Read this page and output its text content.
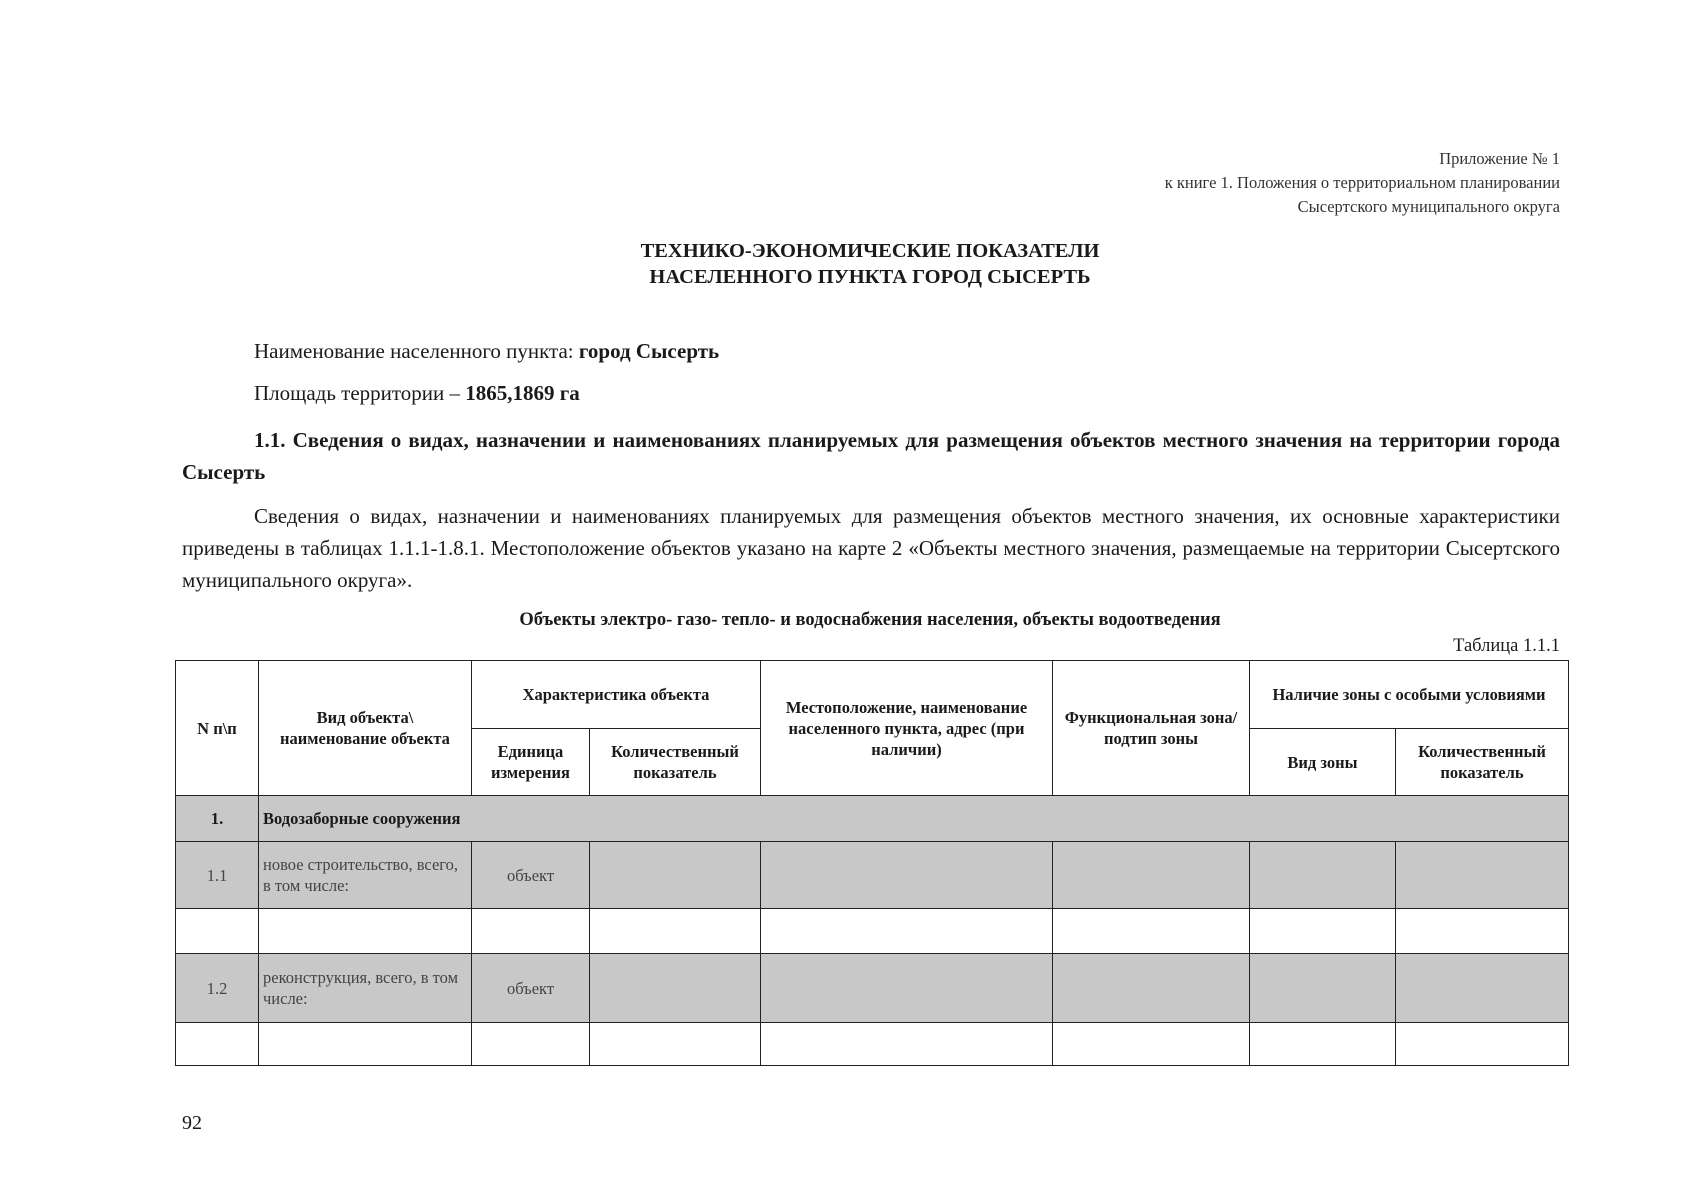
Приложение № 1
к книге 1. Положения о территориальном планировании
Сысертского муниципального округа
ТЕХНИКО-ЭКОНОМИЧЕСКИЕ ПОКАЗАТЕЛИ
НАСЕЛЕННОГО ПУНКТА ГОРОД СЫСЕРТЬ
Наименование населенного пункта: город Сысерть
Площадь территории – 1865,1869 га
1.1. Сведения о видах, назначении и наименованиях планируемых для размещения объектов местного значения на территории города Сысерть
Сведения о видах, назначении и наименованиях планируемых для размещения объектов местного значения, их основные характеристики приведены в таблицах 1.1.1-1.8.1. Местоположение объектов указано на карте 2 «Объекты местного значения, размещаемые на территории Сысертского муниципального округа».
Объекты электро- газо- тепло- и водоснабжения населения, объекты водоотведения
Таблица 1.1.1
N п\п	Вид объекта\ наименование объекта	Характеристика объекта		Местоположение, наименование населенного пункта, адрес (при наличии)	Функциональная зона/ подтип зоны	Наличие зоны с особыми условиями	
		Единица измерения	Количественный показатель			Вид зоны	Количественный показатель
1.	Водозаборные сооружения						
1.1	новое строительство, всего, в том числе:	объект					

1.2	реконструкция, всего, в том числе:	объект					

92
